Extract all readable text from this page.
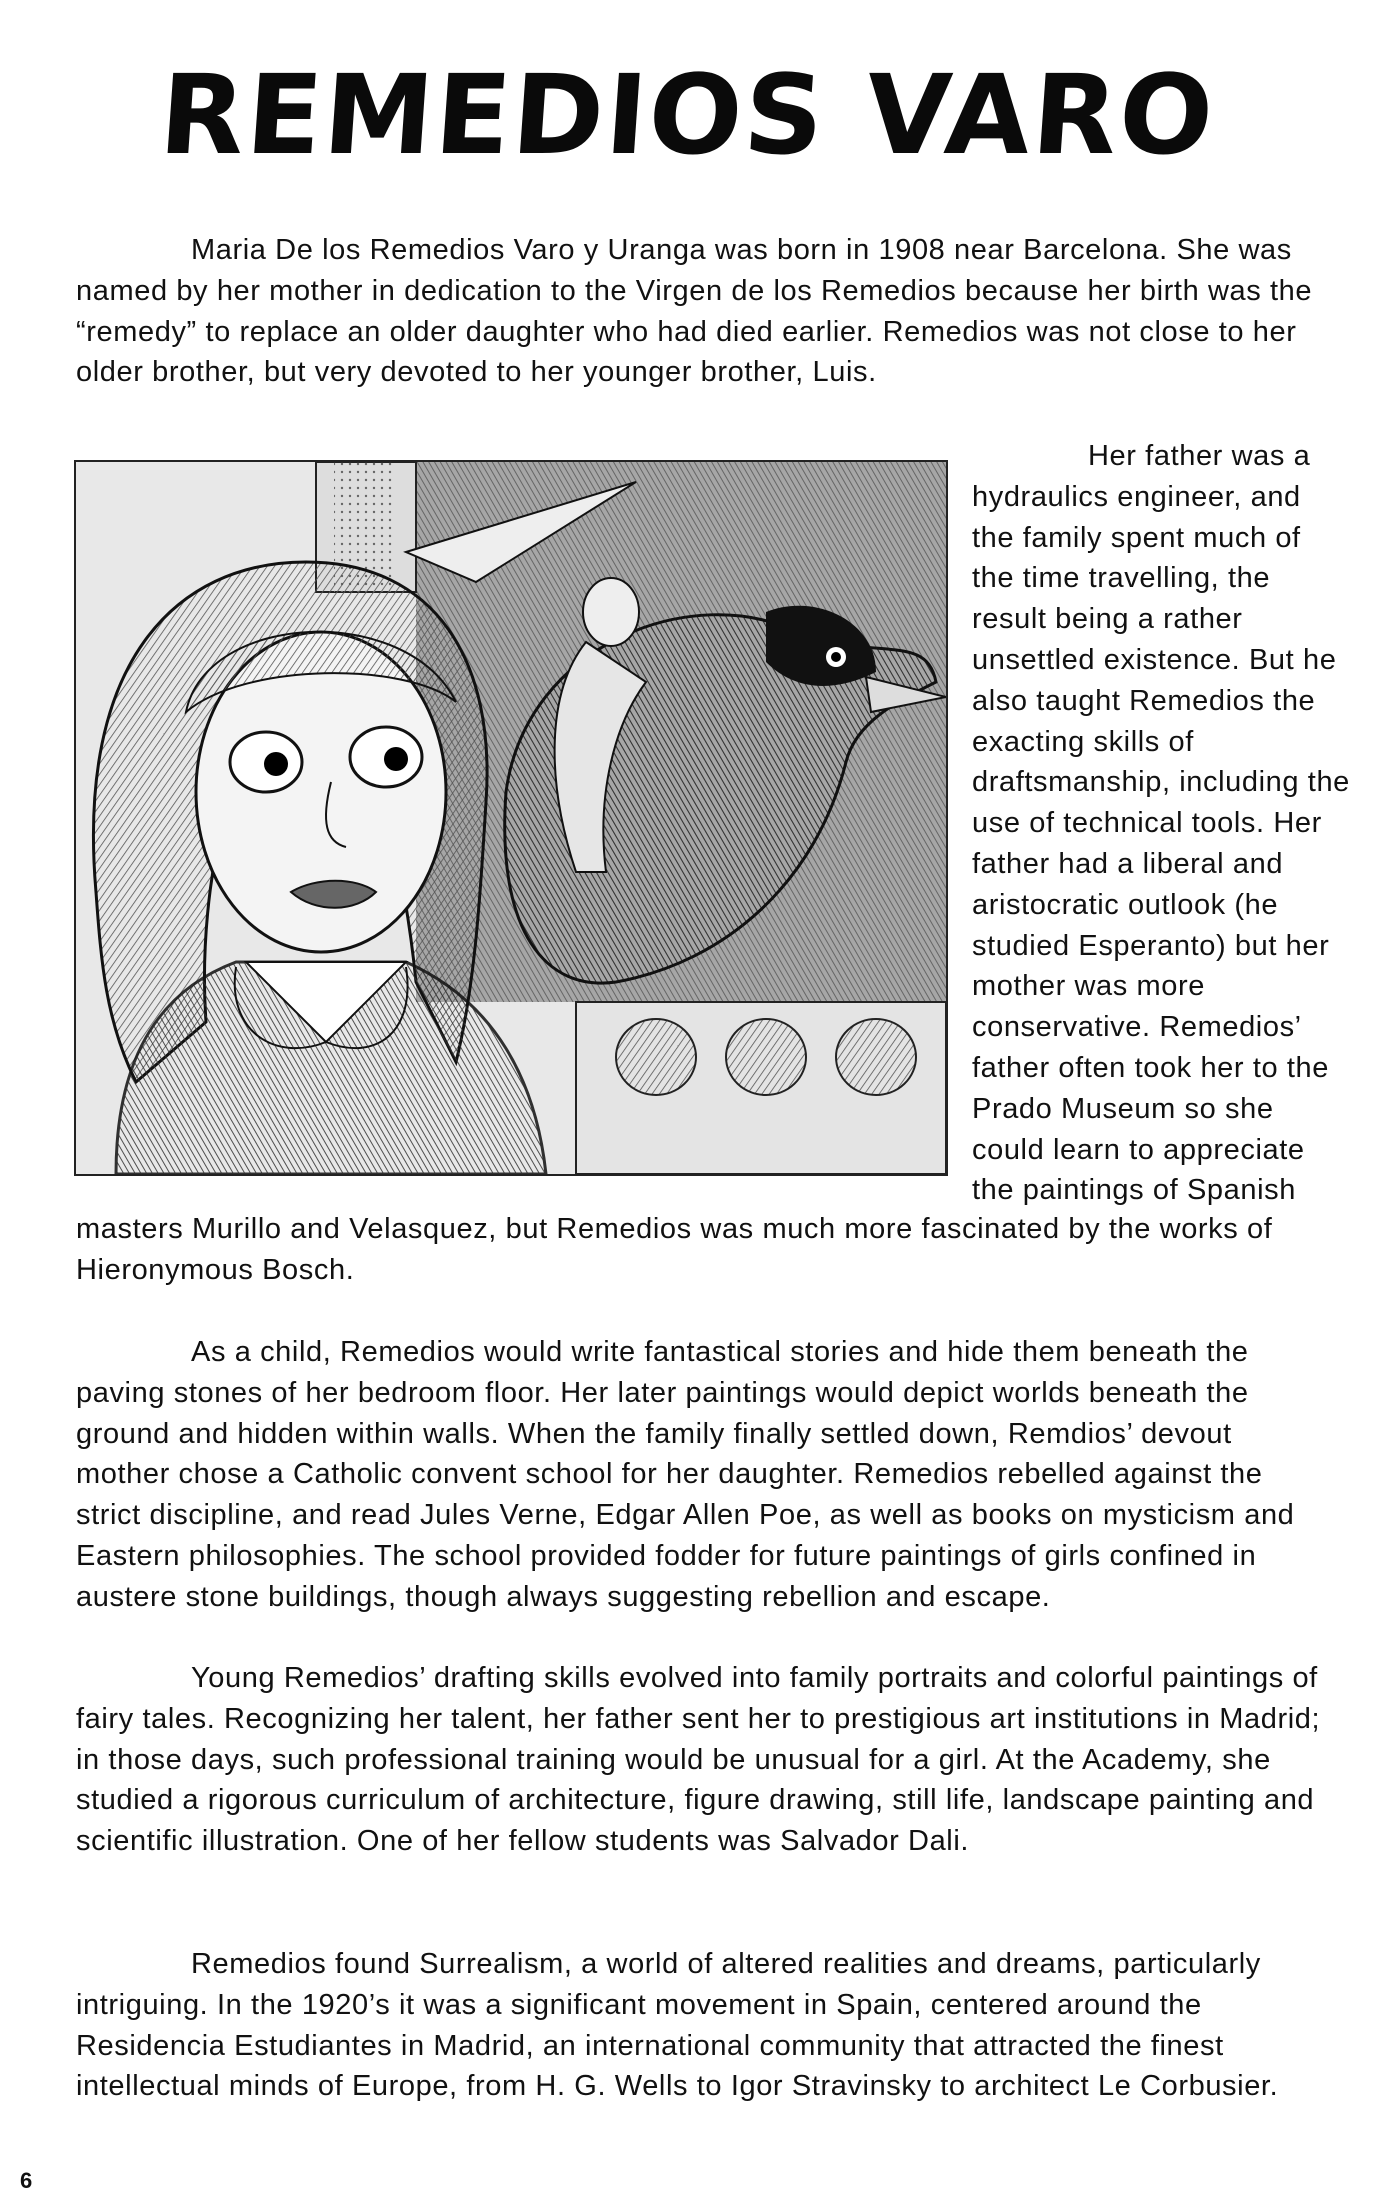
REMEDIOS VARO

Maria De los Remedios Varo y Uranga was born in 1908 near Barcelona. She was named by her mother in dedication to the Virgen de los Remedios because her birth was the “remedy” to replace an older daughter who had died earlier. Remedios was not close to her older brother, but very devoted to her younger brother, Luis.

Her father was a hydraulics engineer, and the family spent much of the time travelling, the result being a rather unsettled existence. But he also taught Remedios the exacting skills of draftsmanship, including the use of technical tools. Her father had a liberal and aristocratic outlook (he studied Esperanto) but her mother was more conservative. Remedios’ father often took her to the Prado Museum so she could learn to appreciate the paintings of Spanish

masters Murillo and Velasquez, but Remedios was much more fascinated by the works of Hieronymous Bosch.

As a child, Remedios would write fantastical stories and hide them beneath the paving stones of her bedroom floor. Her later paintings would depict worlds beneath the ground and hidden within walls. When the family finally settled down, Remdios’ devout mother chose a Catholic convent school for her daughter. Remedios rebelled against the strict discipline, and read Jules Verne, Edgar Allen Poe, as well as books on mysticism and Eastern philosophies. The school provided fodder for future paintings of girls confined in austere stone buildings, though always suggesting rebellion and escape.

Young Remedios’ drafting skills evolved into family portraits and colorful paintings of fairy tales. Recognizing her talent, her father sent her to prestigious art institutions in Madrid; in those days, such professional training would be unusual for a girl. At the Academy, she studied a rigorous curriculum of architecture, figure drawing, still life, landscape painting and scientific illustration. One of her fellow students was Salvador Dali.

Remedios found Surrealism, a world of altered realities and dreams, particularly intriguing. In the 1920’s it was a significant movement in Spain, centered around the Residencia Estudiantes in Madrid, an international community that attracted the finest intellectual minds of Europe, from H. G. Wells to Igor Stravinsky to architect Le Corbusier.

6
